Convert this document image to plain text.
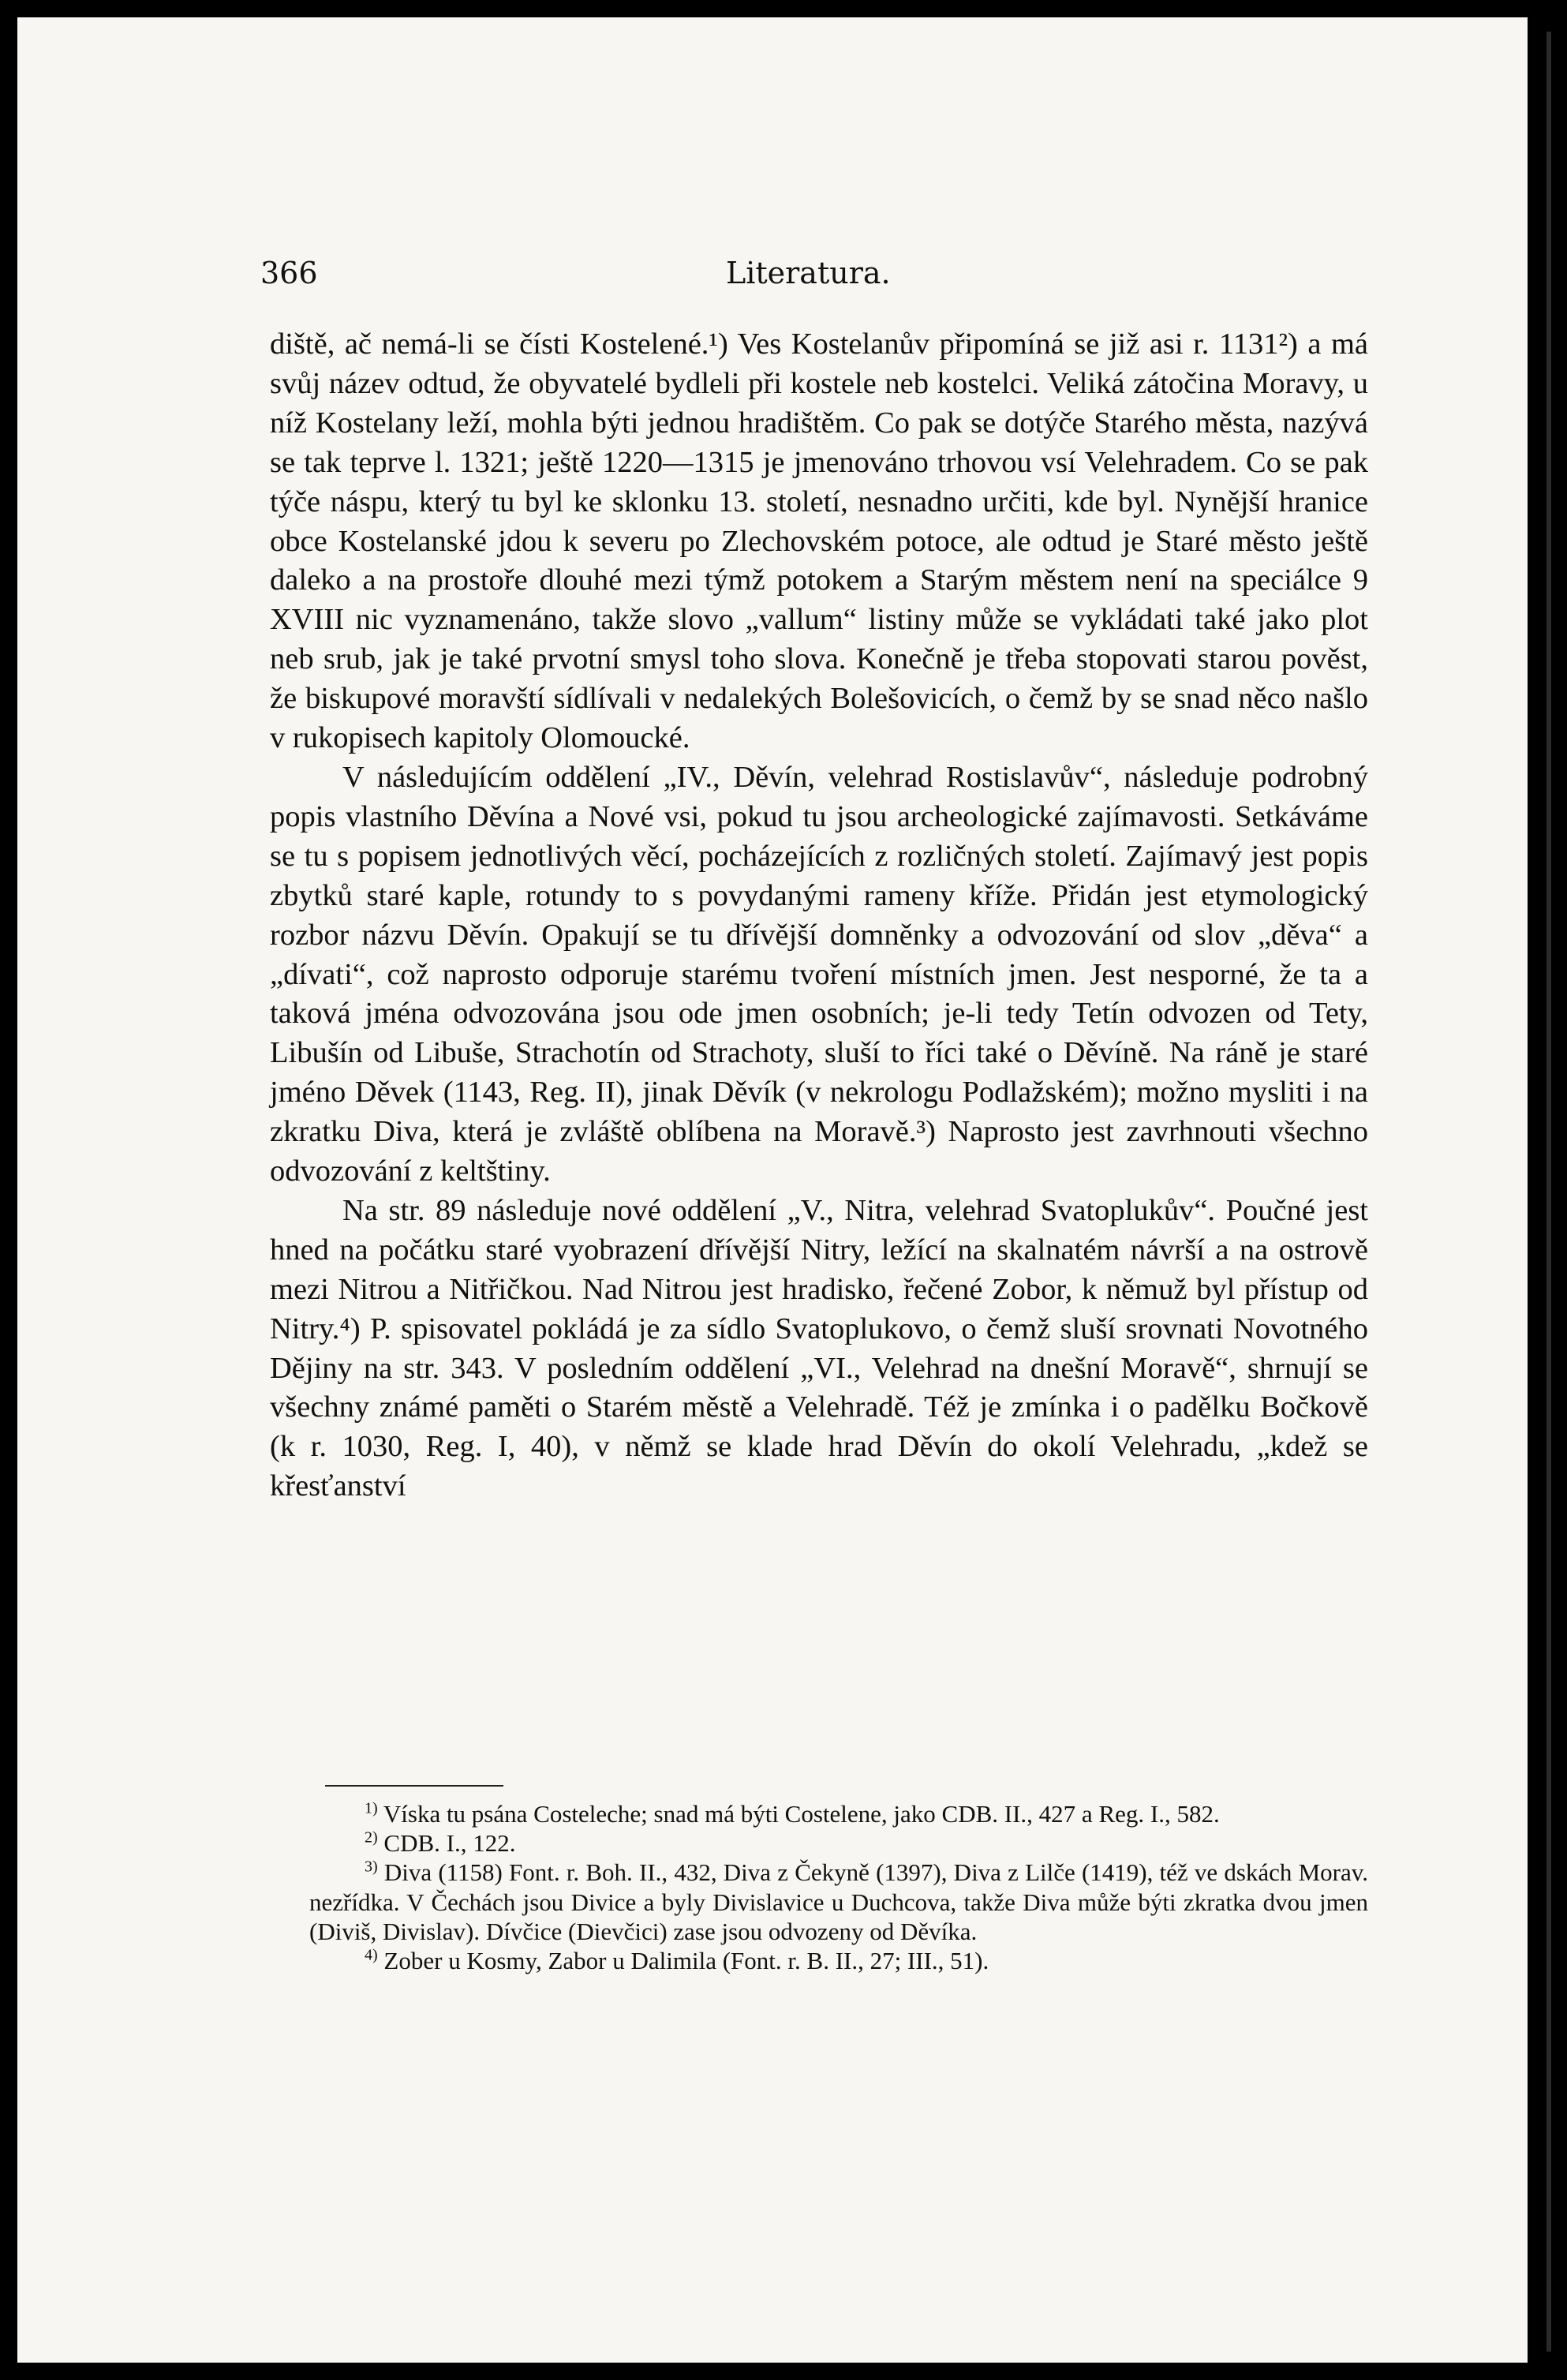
366	Literatura.

diště, ač nemá-li se čísti Kostelené.¹) Ves Kostelanův připomíná se již asi r. 1131²) a má svůj název odtud, že obyvatelé bydleli při kostele neb kostelci. Veliká zátočina Moravy, u níž Kostelany leží, mohla býti jednou hradištěm. Co pak se dotýče Starého města, nazývá se tak teprve l. 1321; ještě 1220—1315 je jmenováno trhovou vsí Velehradem. Co se pak týče náspu, který tu byl ke sklonku 13. století, nesnadno určiti, kde byl. Nynější hranice obce Kostelanské jdou k severu po Zlechovském potoce, ale odtud je Staré město ještě daleko a na prostoře dlouhé mezi týmž potokem a Starým městem není na speciálce 9 XVIII nic vyznamenáno, takže slovo „vallum“ listiny může se vykládati také jako plot neb srub, jak je také prvotní smysl toho slova. Konečně je třeba stopovati starou pověst, že biskupové moravští sídlívali v nedalekých Bolešovicích, o čemž by se snad něco našlo v rukopisech kapitoly Olomoucké.

V následujícím oddělení „IV., Děvín, velehrad Rostislavův“, následuje podrobný popis vlastního Děvína a Nové vsi, pokud tu jsou archeologické zajímavosti. Setkáváme se tu s popisem jednotlivých věcí, pocházejících z rozličných století. Zajímavý jest popis zbytků staré kaple, rotundy to s povydanými rameny kříže. Přidán jest etymologický rozbor názvu Děvín. Opakují se tu dřívější domněnky a odvozování od slov „děva“ a „dívati“, což naprosto odporuje starému tvoření místních jmen. Jest nesporné, že ta a taková jména odvozována jsou ode jmen osobních; je-li tedy Tetín odvozen od Tety, Libušín od Libuše, Strachotín od Strachoty, sluší to říci také o Děvíně. Na ráně je staré jméno Děvek (1143, Reg. II), jinak Děvík (v nekrologu Podlažském); možno mysliti i na zkratku Diva, která je zvláště oblíbena na Moravě.³) Naprosto jest zavrhnouti všechno odvozování z keltštiny.

Na str. 89 následuje nové oddělení „V., Nitra, velehrad Svatoplukův“. Poučné jest hned na počátku staré vyobrazení dřívější Nitry, ležící na skalnatém návrší a na ostrově mezi Nitrou a Nitřičkou. Nad Nitrou jest hradisko, řečené Zobor, k němuž byl přístup od Nitry.⁴) P. spisovatel pokládá je za sídlo Svatoplukovo, o čemž sluší srovnati Novotného Dějiny na str. 343. V posledním oddělení „VI., Velehrad na dnešní Moravě“, shrnují se všechny známé paměti o Starém městě a Velehradě. Též je zmínka i o padělku Bočkově (k r. 1030, Reg. I, 40), v němž se klade hrad Děvín do okolí Velehradu, „kdež se křesťanství

$^{1)}$ Víska tu psána Costeleche; snad má býti Costelene, jako CDB. II., 427 a Reg. I., 582.

$^{2)}$ CDB. I., 122.

$^{3)}$ Diva (1158) Font. r. Boh. II., 432, Diva z Čekyně (1397), Diva z Lilče (1419), též ve dskách Morav. nezřídka. V Čechách jsou Divice a byly Divislavice u Duchcova, takže Diva může býti zkratka dvou jmen (Diviš, Divislav). Dívčice (Dievčici) zase jsou odvozeny od Děvíka.

$^{4)}$ Zober u Kosmy, Zabor u Dalimila (Font. r. B. II., 27; III., 51).
